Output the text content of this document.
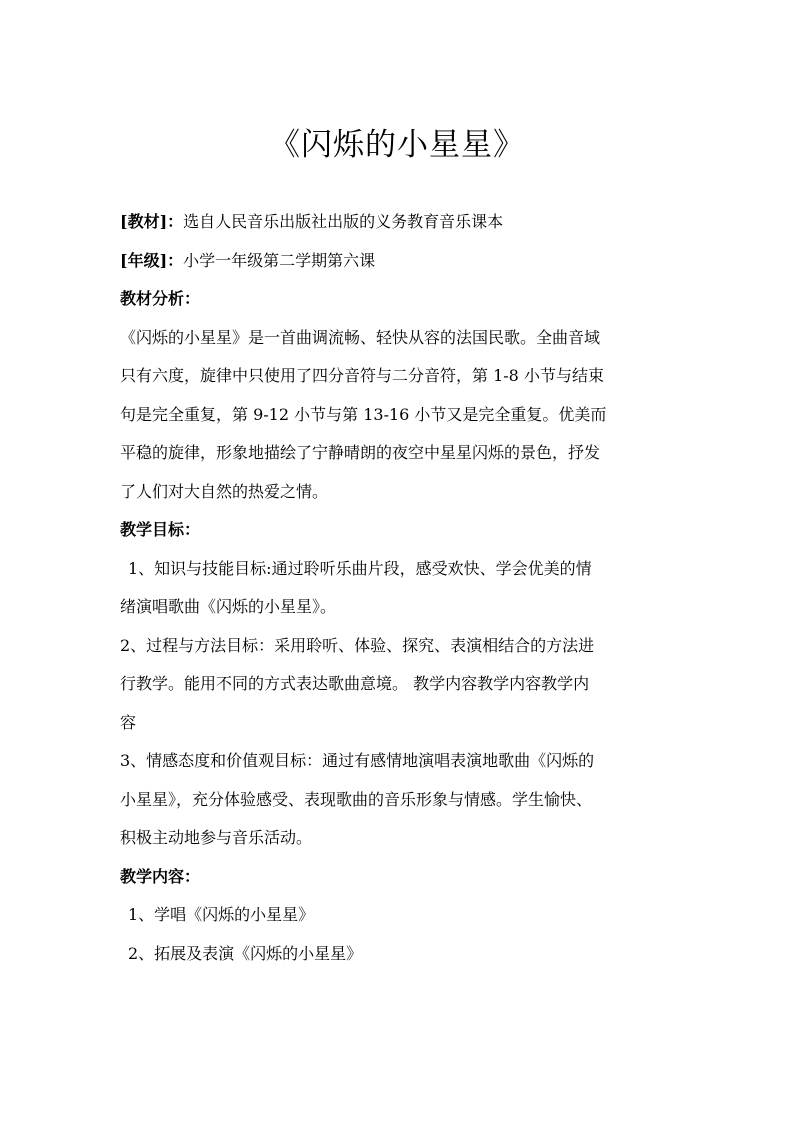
《闪烁的小星星》

[教材]：选自人民音乐出版社出版的义务教育音乐课本

[年级]：小学一年级第二学期第六课

教材分析：

《闪烁的小星星》是一首曲调流畅、轻快从容的法国民歌。全曲音域

只有六度，旋律中只使用了四分音符与二分音符，第 1-8 小节与结束

句是完全重复，第 9-12 小节与第 13-16 小节又是完全重复。优美而

平稳的旋律，形象地描绘了宁静晴朗的夜空中星星闪烁的景色，抒发

了人们对大自然的热爱之情。

教学目标：

1、知识与技能目标:通过聆听乐曲片段，感受欢快、学会优美的情

绪演唱歌曲《闪烁的小星星》。

2、过程与方法目标：采用聆听、体验、探究、表演相结合的方法进

行教学。能用不同的方式表达歌曲意境。 教学内容教学内容教学内

容

3、情感态度和价值观目标：通过有感情地演唱表演地歌曲《闪烁的

小星星》，充分体验感受、表现歌曲的音乐形象与情感。学生愉快、

积极主动地参与音乐活动。

教学内容：

1、学唱《闪烁的小星星》

2、拓展及表演《闪烁的小星星》
